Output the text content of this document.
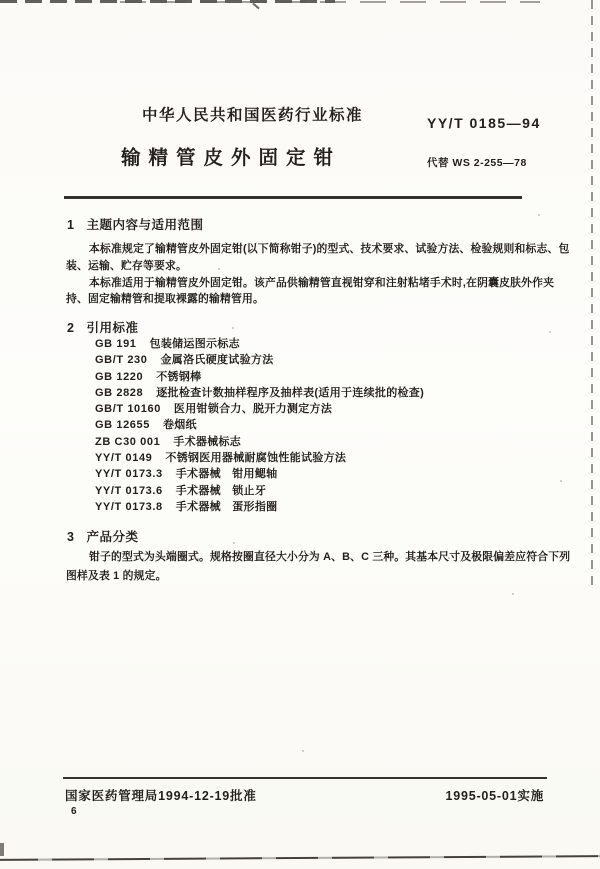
中华人民共和国医药行业标准	YY/T 0185—94
输精管皮外固定钳	代替 WS 2-255—78
1 主题内容与适用范围
本标准规定了输精管皮外固定钳(以下简称钳子)的型式、技术要求、试验方法、检验规则和标志、包
装、运输、贮存等要求。
本标准适用于输精管皮外固定钳。该产品供输精管直视钳穿和注射粘堵手术时,在阴囊皮肤外作夹
持、固定输精管和提取裸露的输精管用。
2 引用标准
GB 191 包装储运图示标志
GB/T 230 金属洛氏硬度试验方法
GB 1220 不锈钢棒
GB 2828 逐批检查计数抽样程序及抽样表(适用于连续批的检查)
GB/T 10160 医用钳锁合力、脱开力测定方法
GB 12655 卷烟纸
ZB C30 001 手术器械标志
YY/T 0149 不锈钢医用器械耐腐蚀性能试验方法
YY/T 0173.3 手术器械　钳用鳃轴
YY/T 0173.6 手术器械　锁止牙
YY/T 0173.8 手术器械　蛋形指圈
3 产品分类
钳子的型式为头端圈式。规格按圈直径大小分为 A、B、C 三种。其基本尺寸及极限偏差应符合下列
图样及表 1 的规定。
国家医药管理局1994-12-19批准	1995-05-01实施
6
